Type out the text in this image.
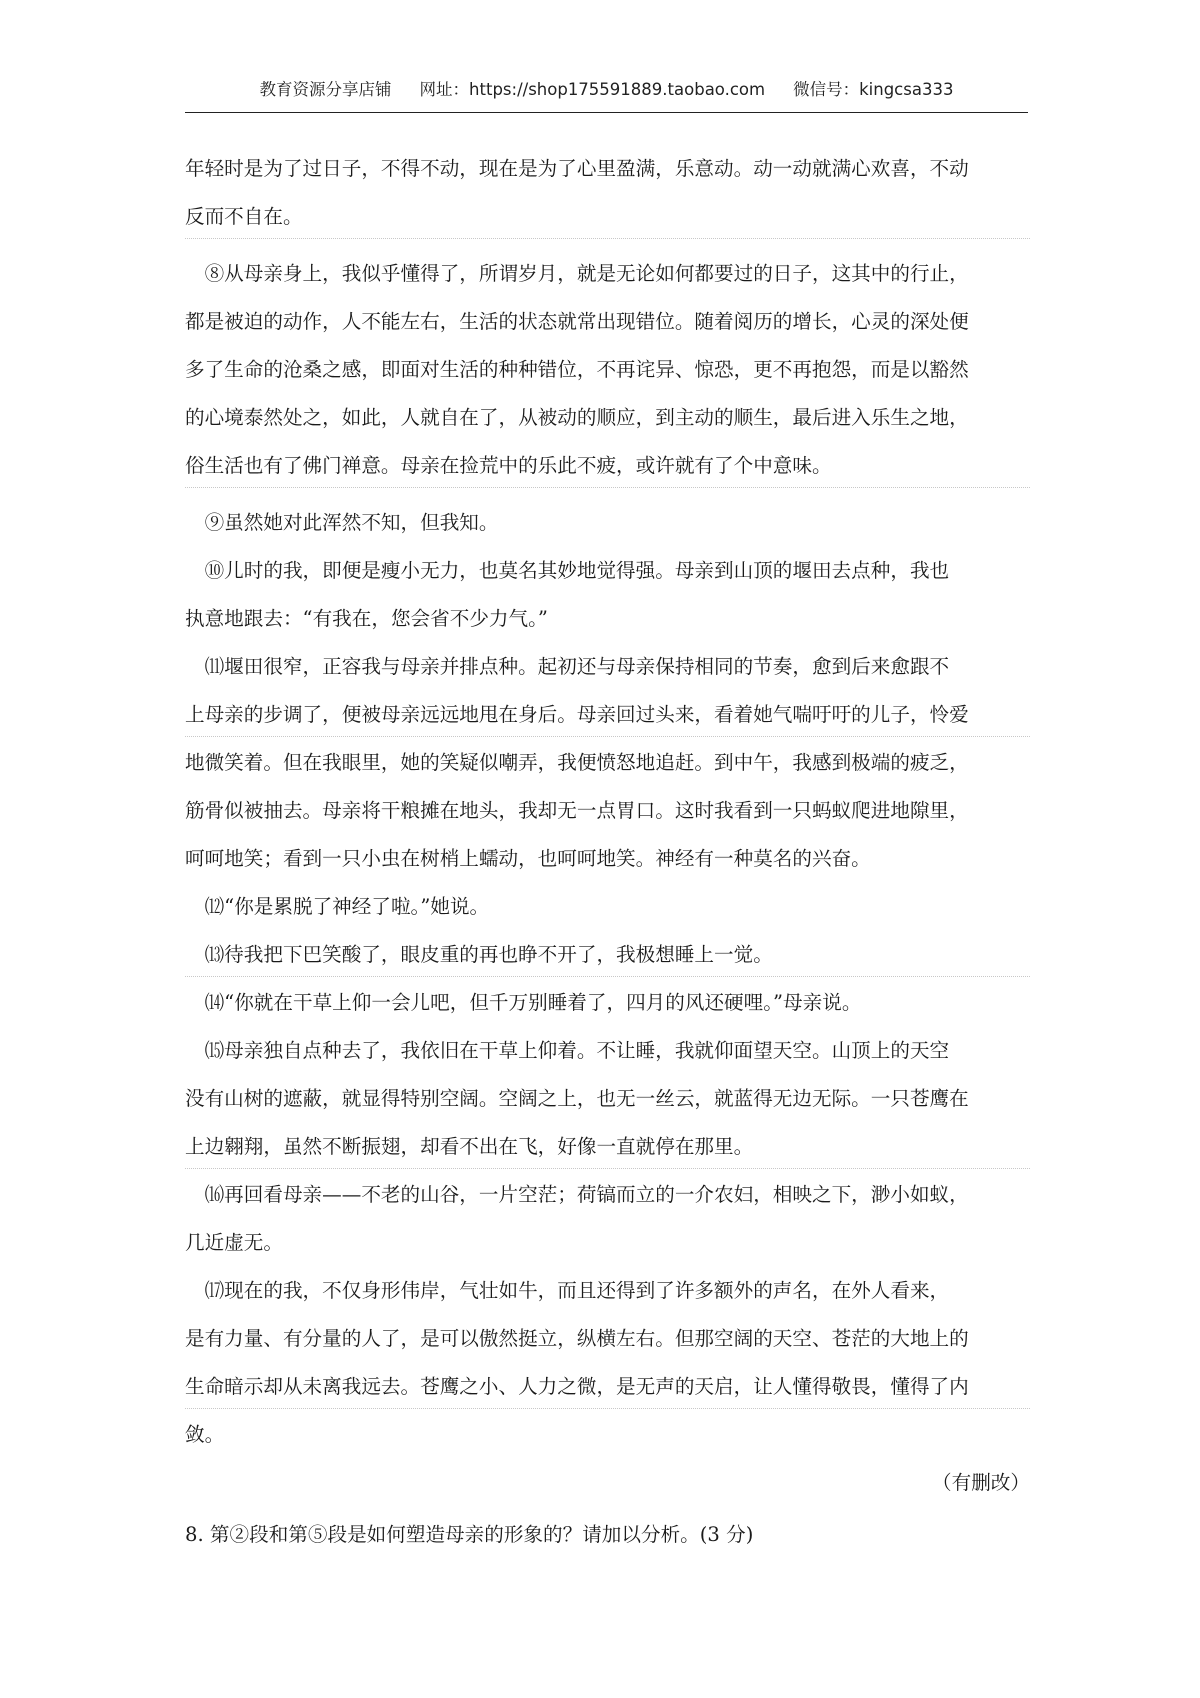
教育资源分享店铺 网址：https://shop175591889.taobao.com 微信号：kingcsa333
年轻时是为了过日子，不得不动，现在是为了心里盈满，乐意动。动一动就满心欢喜，不动
反而不自在。
　⑧从母亲身上，我似乎懂得了，所谓岁月，就是无论如何都要过的日子，这其中的行止，
都是被迫的动作，人不能左右，生活的状态就常出现错位。随着阅历的增长，心灵的深处便
多了生命的沧桑之感，即面对生活的种种错位，不再诧异、惊恐，更不再抱怨，而是以豁然
的心境泰然处之，如此，人就自在了，从被动的顺应，到主动的顺生，最后进入乐生之地，
俗生活也有了佛门禅意。母亲在捡荒中的乐此不疲，或许就有了个中意味。
　⑨虽然她对此浑然不知，但我知。
　⑩儿时的我，即便是瘦小无力，也莫名其妙地觉得强。母亲到山顶的堰田去点种，我也
执意地跟去：“有我在，您会省不少力气。”
　⑾堰田很窄，正容我与母亲并排点种。起初还与母亲保持相同的节奏，愈到后来愈跟不
上母亲的步调了，便被母亲远远地甩在身后。母亲回过头来，看着她气喘吁吁的儿子，怜爱
地微笑着。但在我眼里，她的笑疑似嘲弄，我便愤怒地追赶。到中午，我感到极端的疲乏，
筋骨似被抽去。母亲将干粮摊在地头，我却无一点胃口。这时我看到一只蚂蚁爬进地隙里，
呵呵地笑；看到一只小虫在树梢上蠕动，也呵呵地笑。神经有一种莫名的兴奋。
　⑿“你是累脱了神经了啦。”她说。
　⒀待我把下巴笑酸了，眼皮重的再也睁不开了，我极想睡上一觉。
　⒁“你就在干草上仰一会儿吧，但千万别睡着了，四月的风还硬哩。”母亲说。
　⒂母亲独自点种去了，我依旧在干草上仰着。不让睡，我就仰面望天空。山顶上的天空
没有山树的遮蔽，就显得特别空阔。空阔之上，也无一丝云，就蓝得无边无际。一只苍鹰在
上边翱翔，虽然不断振翅，却看不出在飞，好像一直就停在那里。
　⒃再回看母亲——不老的山谷，一片空茫；荷镐而立的一介农妇，相映之下，渺小如蚁，
几近虚无。
　⒄现在的我，不仅身形伟岸，气壮如牛，而且还得到了许多额外的声名，在外人看来，
是有力量、有分量的人了，是可以傲然挺立，纵横左右。但那空阔的天空、苍茫的大地上的
生命暗示却从未离我远去。苍鹰之小、人力之微，是无声的天启，让人懂得敬畏，懂得了内
敛。
（有删改）
8. 第②段和第⑤段是如何塑造母亲的形象的？请加以分析。(3 分)
